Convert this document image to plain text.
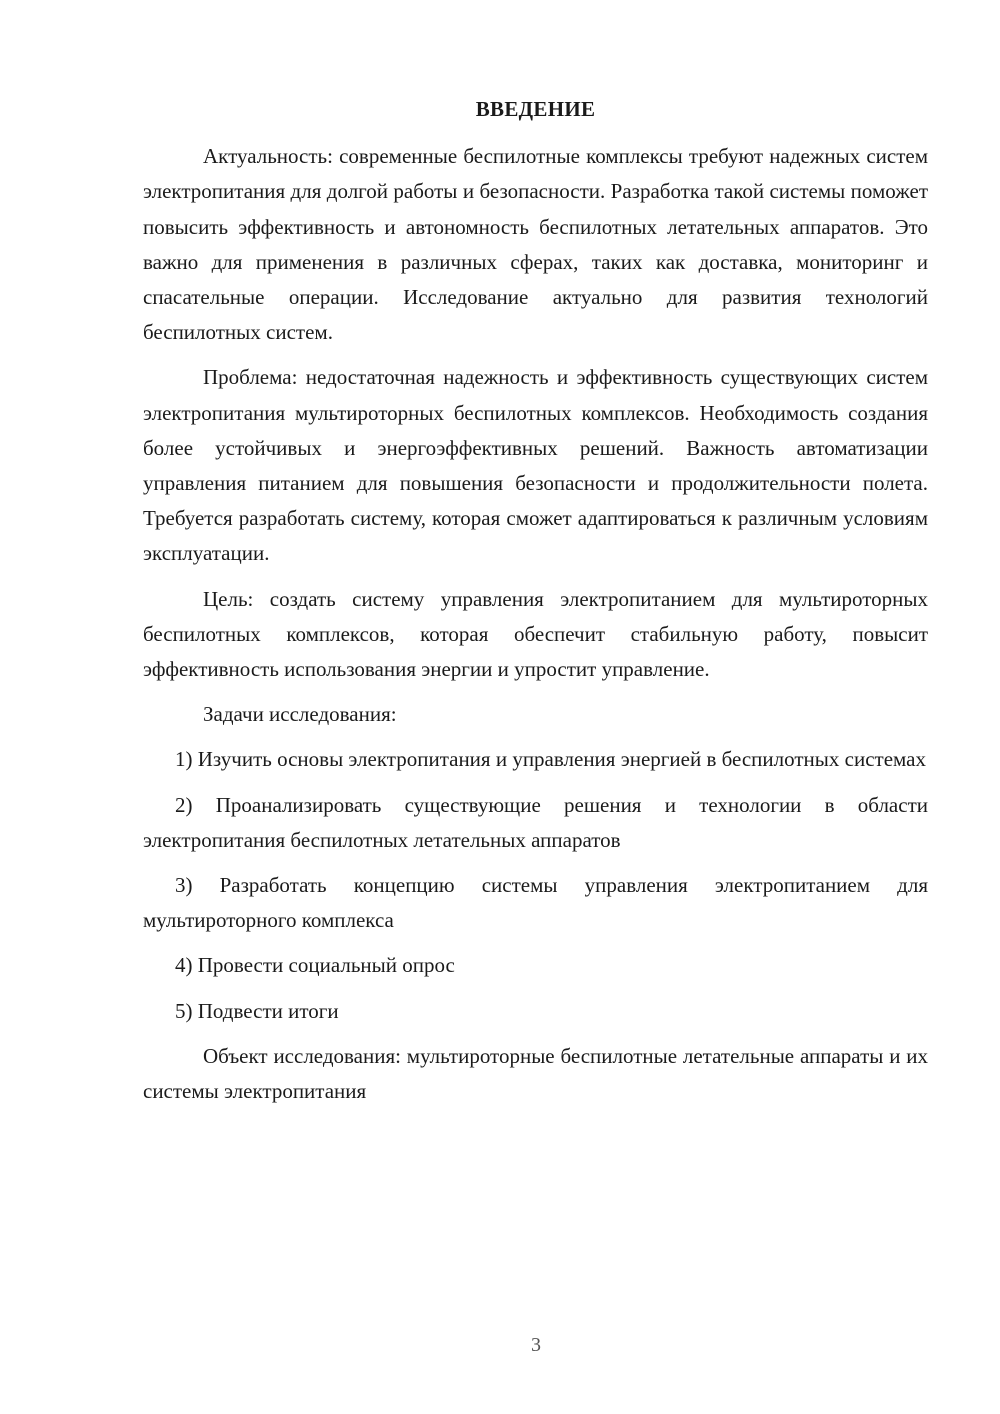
ВВЕДЕНИЕ

Актуальность: современные беспилотные комплексы требуют надежных систем электропитания для долгой работы и безопасности. Разработка такой системы поможет повысить эффективность и автономность беспилотных летательных аппаратов. Это важно для применения в различных сферах, таких как доставка, мониторинг и спасательные операции. Исследование актуально для развития технологий беспилотных систем.

Проблема: недостаточная надежность и эффективность существующих систем электропитания мультироторных беспилотных комплексов. Необходимость создания более устойчивых и энергоэффективных решений. Важность автоматизации управления питанием для повышения безопасности и продолжительности полета. Требуется разработать систему, которая сможет адаптироваться к различным условиям эксплуатации.

Цель: создать систему управления электропитанием для мультироторных беспилотных комплексов, которая обеспечит стабильную работу, повысит эффективность использования энергии и упростит управление.

Задачи исследования:

1) Изучить основы электропитания и управления энергией в беспилотных системах

2) Проанализировать существующие решения и технологии в области электропитания беспилотных летательных аппаратов

3) Разработать концепцию системы управления электропитанием для мультироторного комплекса

4) Провести социальный опрос

5) Подвести итоги

Объект исследования: мультироторные беспилотные летательные аппараты и их системы электропитания

3
